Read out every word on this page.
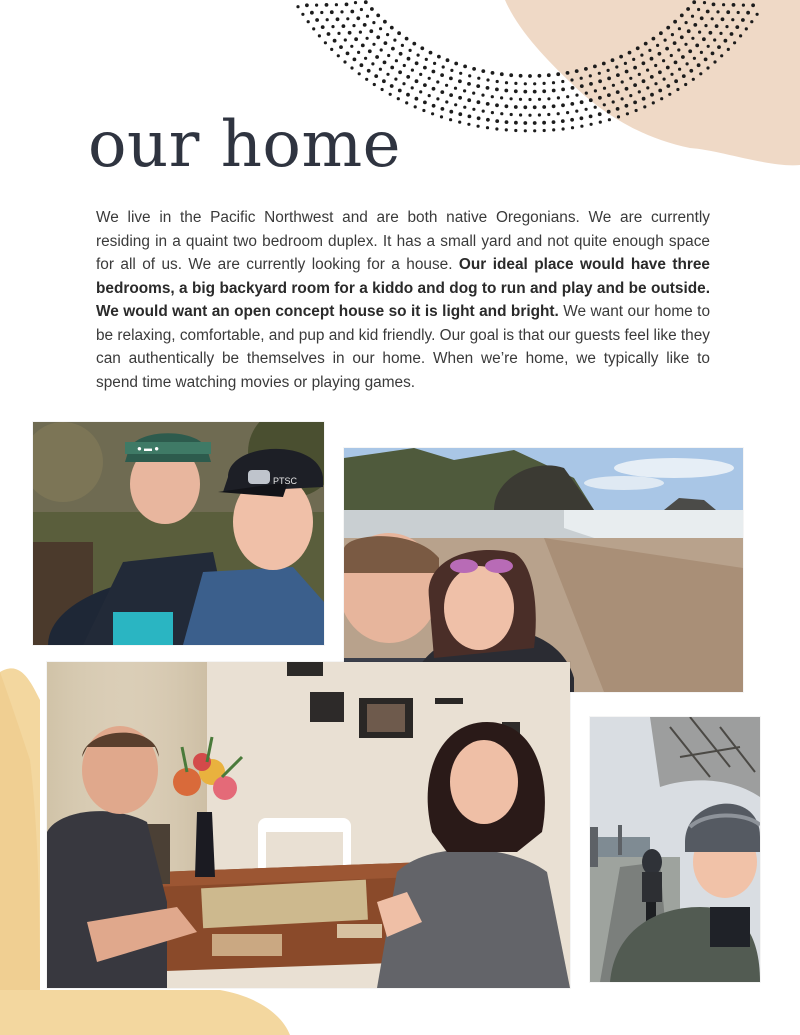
our home

We live in the Pacific Northwest and are both native Oregonians. We are currently residing in a quaint two bedroom duplex. It has a small yard and not quite enough space for all of us. We are currently looking for a house. Our ideal place would have three bedrooms, a big backyard room for a kiddo and dog to run and play and be outside. We would want an open concept house so it is light and bright. We want our home to be relaxing, comfortable, and pup and kid friendly. Our goal is that our guests feel like they can authentically be themselves in our home. When we’re home, we typically like to spend time watching movies or playing games.

● ▬ ●
PTSC
